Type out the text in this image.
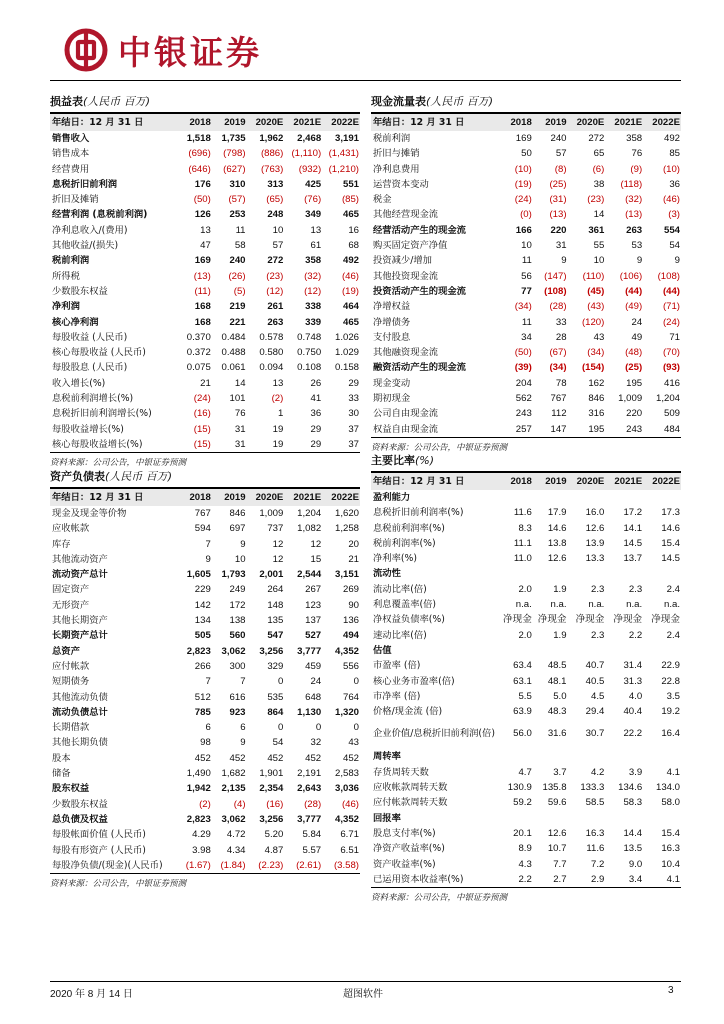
中银证券
损益表(人民币 百万)
年结日：12 月 31 日	2018	2019	2020E	2021E	2022E
销售收入	1,518	1,735	1,962	2,468	3,191
销售成本	(696)	(798)	(886)	(1,110)	(1,431)
经营费用	(646)	(627)	(763)	(932)	(1,210)
息税折旧前利润	176	310	313	425	551
折旧及摊销	(50)	(57)	(65)	(76)	(85)
经营利润 (息税前利润)	126	253	248	349	465
净利息收入/(费用)	13	11	10	13	16
其他收益/(损失)	47	58	57	61	68
税前利润	169	240	272	358	492
所得税	(13)	(26)	(23)	(32)	(46)
少数股东权益	(11)	(5)	(12)	(12)	(19)
净利润	168	219	261	338	464
核心净利润	168	221	263	339	465
每股收益 (人民币)	0.370	0.484	0.578	0.748	1.026
核心每股收益 (人民币)	0.372	0.488	0.580	0.750	1.029
每股股息 (人民币)	0.075	0.061	0.094	0.108	0.158
收入增长(%)	21	14	13	26	29
息税前利润增长(%)	(24)	101	(2)	41	33
息税折旧前利润增长(%)	(16)	76	1	36	30
每股收益增长(%)	(15)	31	19	29	37
核心每股收益增长(%)	(15)	31	19	29	37
资料来源：公司公告，中银证券预测
资产负债表(人民币 百万)
年结日：12 月 31 日	2018	2019	2020E	2021E	2022E
现金及现金等价物	767	846	1,009	1,204	1,620
应收帐款	594	697	737	1,082	1,258
库存	7	9	12	12	20
其他流动资产	9	10	12	15	21
流动资产总计	1,605	1,793	2,001	2,544	3,151
固定资产	229	249	264	267	269
无形资产	142	172	148	123	90
其他长期资产	134	138	135	137	136
长期资产总计	505	560	547	527	494
总资产	2,823	3,062	3,256	3,777	4,352
应付帐款	266	300	329	459	556
短期债务	7	7	0	24	0
其他流动负债	512	616	535	648	764
流动负债总计	785	923	864	1,130	1,320
长期借款	6	6	0	0	0
其他长期负债	98	9	54	32	43
股本	452	452	452	452	452
储备	1,490	1,682	1,901	2,191	2,583
股东权益	1,942	2,135	2,354	2,643	3,036
少数股东权益	(2)	(4)	(16)	(28)	(46)
总负债及权益	2,823	3,062	3,256	3,777	4,352
每股帐面价值 (人民币)	4.29	4.72	5.20	5.84	6.71
每股有形资产 (人民币)	3.98	4.34	4.87	5.57	6.51
每股净负债/(现金)(人民币)	(1.67)	(1.84)	(2.23)	(2.61)	(3.58)
资料来源：公司公告，中银证券预测
现金流量表(人民币 百万)
年结日：12 月 31 日	2018	2019	2020E	2021E	2022E
税前利润	169	240	272	358	492
折旧与摊销	50	57	65	76	85
净利息费用	(10)	(8)	(6)	(9)	(10)
运营资本变动	(19)	(25)	38	(118)	36
税金	(24)	(31)	(23)	(32)	(46)
其他经营现金流	(0)	(13)	14	(13)	(3)
经营活动产生的现金流	166	220	361	263	554
购买固定资产净值	10	31	55	53	54
投资减少/增加	11	9	10	9	9
其他投资现金流	56	(147)	(110)	(106)	(108)
投资活动产生的现金流	77	(108)	(45)	(44)	(44)
净增权益	(34)	(28)	(43)	(49)	(71)
净增债务	11	33	(120)	24	(24)
支付股息	34	28	43	49	71
其他融资现金流	(50)	(67)	(34)	(48)	(70)
融资活动产生的现金流	(39)	(34)	(154)	(25)	(93)
现金变动	204	78	162	195	416
期初现金	562	767	846	1,009	1,204
公司自由现金流	243	112	316	220	509
权益自由现金流	257	147	195	243	484
资料来源：公司公告，中银证券预测
主要比率(%)
年结日：12 月 31 日	2018	2019	2020E	2021E	2022E
盈利能力					
息税折旧前利润率(%)	11.6	17.9	16.0	17.2	17.3
息税前利润率(%)	8.3	14.6	12.6	14.1	14.6
税前利润率(%)	11.1	13.8	13.9	14.5	15.4
净利率(%)	11.0	12.6	13.3	13.7	14.5
流动性					
流动比率(倍)	2.0	1.9	2.3	2.3	2.4
利息覆盖率(倍)	n.a.	n.a.	n.a.	n.a.	n.a.
净权益负债率(%)	净现金	净现金	净现金	净现金	净现金
速动比率(倍)	2.0	1.9	2.3	2.2	2.4
估值					
市盈率 (倍)	63.4	48.5	40.7	31.4	22.9
核心业务市盈率(倍)	63.1	48.1	40.5	31.3	22.8
市净率 (倍)	5.5	5.0	4.5	4.0	3.5
价格/现金流 (倍)	63.9	48.3	29.4	40.4	19.2
企业价值/息税折旧前利润(倍)	56.0	31.6	30.7	22.2	16.4
周转率					
存货周转天数	4.7	3.7	4.2	3.9	4.1
应收帐款周转天数	130.9	135.8	133.3	134.6	134.0
应付帐款周转天数	59.2	59.6	58.5	58.3	58.0
回报率					
股息支付率(%)	20.1	12.6	16.3	14.4	15.4
净资产收益率(%)	8.9	10.7	11.6	13.5	16.3
资产收益率(%)	4.3	7.7	7.2	9.0	10.4
已运用资本收益率(%)	2.2	2.7	2.9	3.4	4.1
资料来源：公司公告，中银证券预测
2020 年 8 月 14 日	超图软件	3
